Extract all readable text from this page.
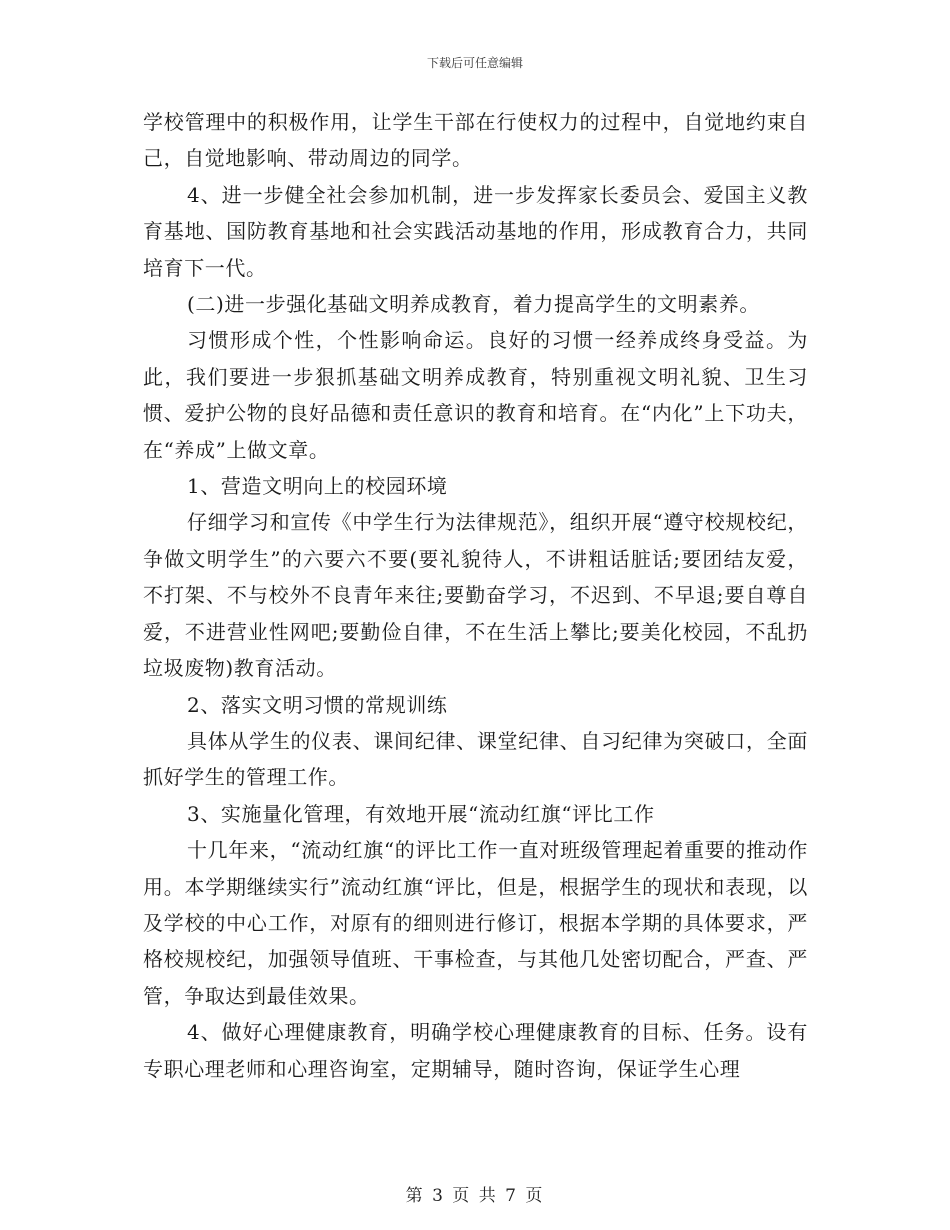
下载后可任意编辑

学校管理中的积极作用，让学生干部在行使权力的过程中，自觉地约束自己，自觉地影响、带动周边的同学。

4、进一步健全社会参加机制，进一步发挥家长委员会、爱国主义教育基地、国防教育基地和社会实践活动基地的作用，形成教育合力，共同培育下一代。

(二)进一步强化基础文明养成教育，着力提高学生的文明素养。

习惯形成个性，个性影响命运。良好的习惯一经养成终身受益。为此，我们要进一步狠抓基础文明养成教育，特别重视文明礼貌、卫生习惯、爱护公物的良好品德和责任意识的教育和培育。在“内化”上下功夫，在“养成”上做文章。

1、营造文明向上的校园环境

仔细学习和宣传《中学生行为法律规范》，组织开展“遵守校规校纪，争做文明学生”的六要六不要(要礼貌待人，不讲粗话脏话;要团结友爱，不打架、不与校外不良青年来往;要勤奋学习，不迟到、不早退;要自尊自爱，不进营业性网吧;要勤俭自律，不在生活上攀比;要美化校园，不乱扔垃圾废物)教育活动。

2、落实文明习惯的常规训练

具体从学生的仪表、课间纪律、课堂纪律、自习纪律为突破口，全面抓好学生的管理工作。

3、实施量化管理，有效地开展“流动红旗“评比工作

十几年来，“流动红旗“的评比工作一直对班级管理起着重要的推动作用。本学期继续实行”流动红旗“评比，但是，根据学生的现状和表现，以及学校的中心工作，对原有的细则进行修订，根据本学期的具体要求，严格校规校纪，加强领导值班、干事检查，与其他几处密切配合，严查、严管，争取达到最佳效果。

4、做好心理健康教育，明确学校心理健康教育的目标、任务。设有专职心理老师和心理咨询室，定期辅导，随时咨询，保证学生心理

第 3 页 共 7 页
